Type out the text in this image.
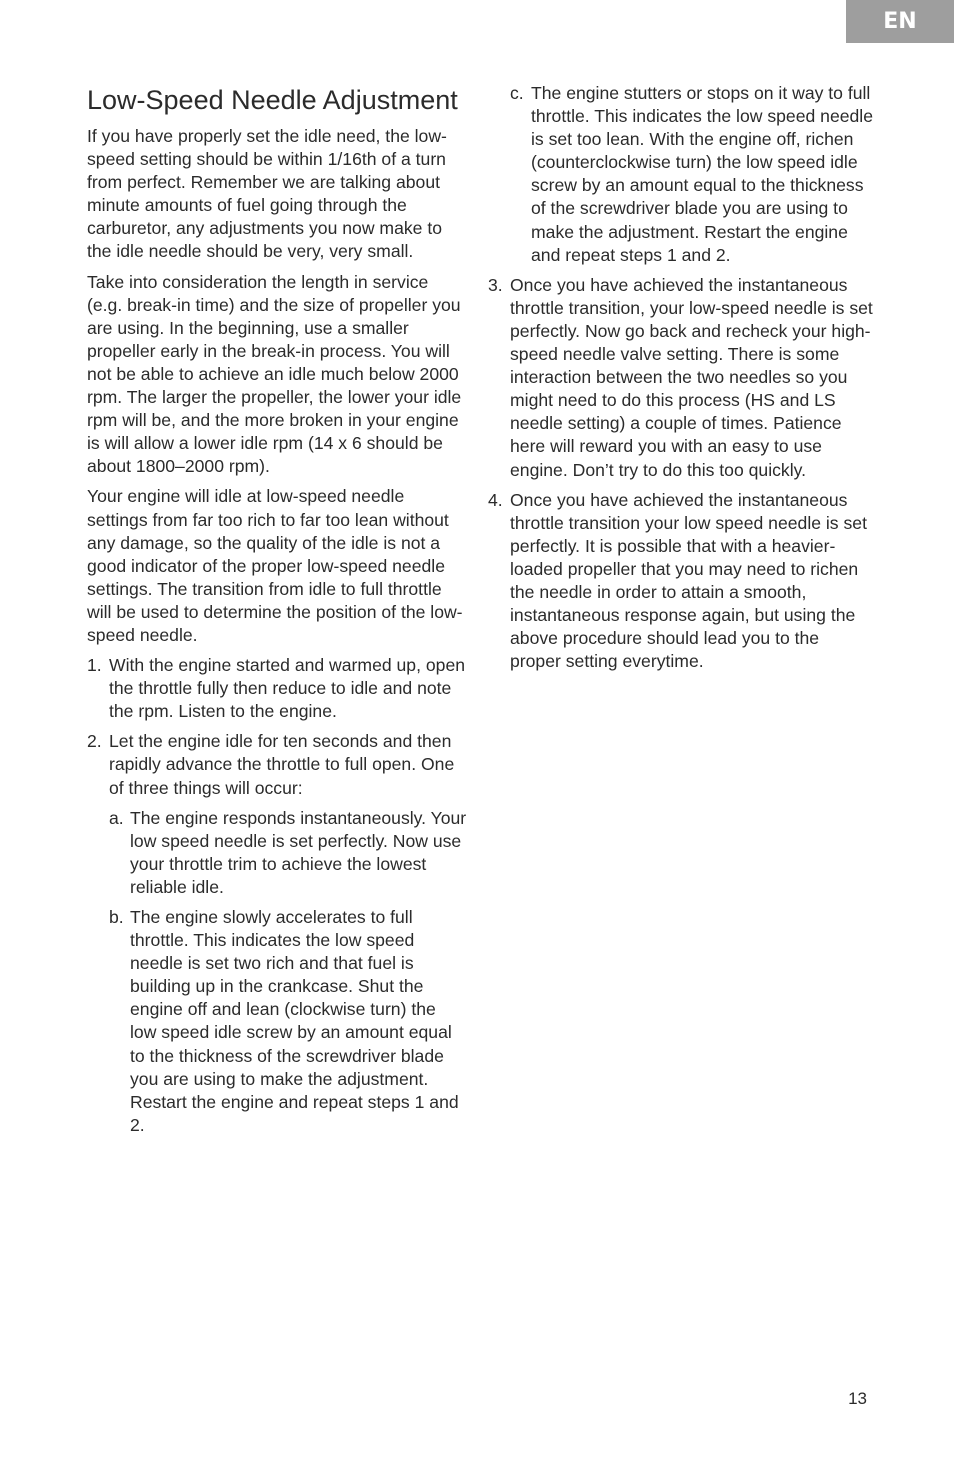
EN
Low-Speed Needle Adjustment

If you have properly set the idle need, the low-speed setting should be within 1/16th of a turn from perfect. Remember we are talking about minute amounts of fuel going through the carburetor, any adjustments you now make to the idle needle should be very, very small.

Take into consideration the length in service (e.g. break-in time) and the size of propeller you are using. In the beginning, use a smaller propeller early in the break-in process. You will not be able to achieve an idle much below 2000 rpm. The larger the propeller, the lower your idle rpm will be, and the more broken in your engine is will allow a lower idle rpm (14 x 6 should be about 1800–2000 rpm).

Your engine will idle at low-speed needle settings from far too rich to far too lean without any damage, so the quality of the idle is not a good indicator of the proper low-speed needle settings. The transition from idle to full throttle will be used to determine the position of the low-speed needle.

1. With the engine started and warmed up, open the throttle fully then reduce to idle and note the rpm. Listen to the engine.
2. Let the engine idle for ten seconds and then rapidly advance the throttle to full open. One of three things will occur:
a. The engine responds instantaneously. Your low speed needle is set perfectly. Now use your throttle trim to achieve the lowest reliable idle.
b. The engine slowly accelerates to full throttle. This indicates the low speed needle is set two rich and that fuel is building up in the crankcase. Shut the engine off and lean (clockwise turn) the low speed idle screw by an amount equal to the thickness of the screwdriver blade you are using to make the adjustment. Restart the engine and repeat steps 1 and 2.
c. The engine stutters or stops on it way to full throttle. This indicates the low speed needle is set too lean. With the engine off, richen (counterclockwise turn) the low speed idle screw by an amount equal to the thickness of the screwdriver blade you are using to make the adjustment. Restart the engine and repeat steps 1 and 2.
3. Once you have achieved the instantaneous throttle transition, your low-speed needle is set perfectly. Now go back and recheck your high-speed needle valve setting. There is some interaction between the two needles so you might need to do this process (HS and LS needle setting) a couple of times. Patience here will reward you with an easy to use engine. Don’t try to do this too quickly.
4. Once you have achieved the instantaneous throttle transition your low speed needle is set perfectly. It is possible that with a heavier-loaded propeller that you may need to richen the needle in order to attain a smooth, instantaneous response again, but using the above procedure should lead you to the proper setting everytime.
13
